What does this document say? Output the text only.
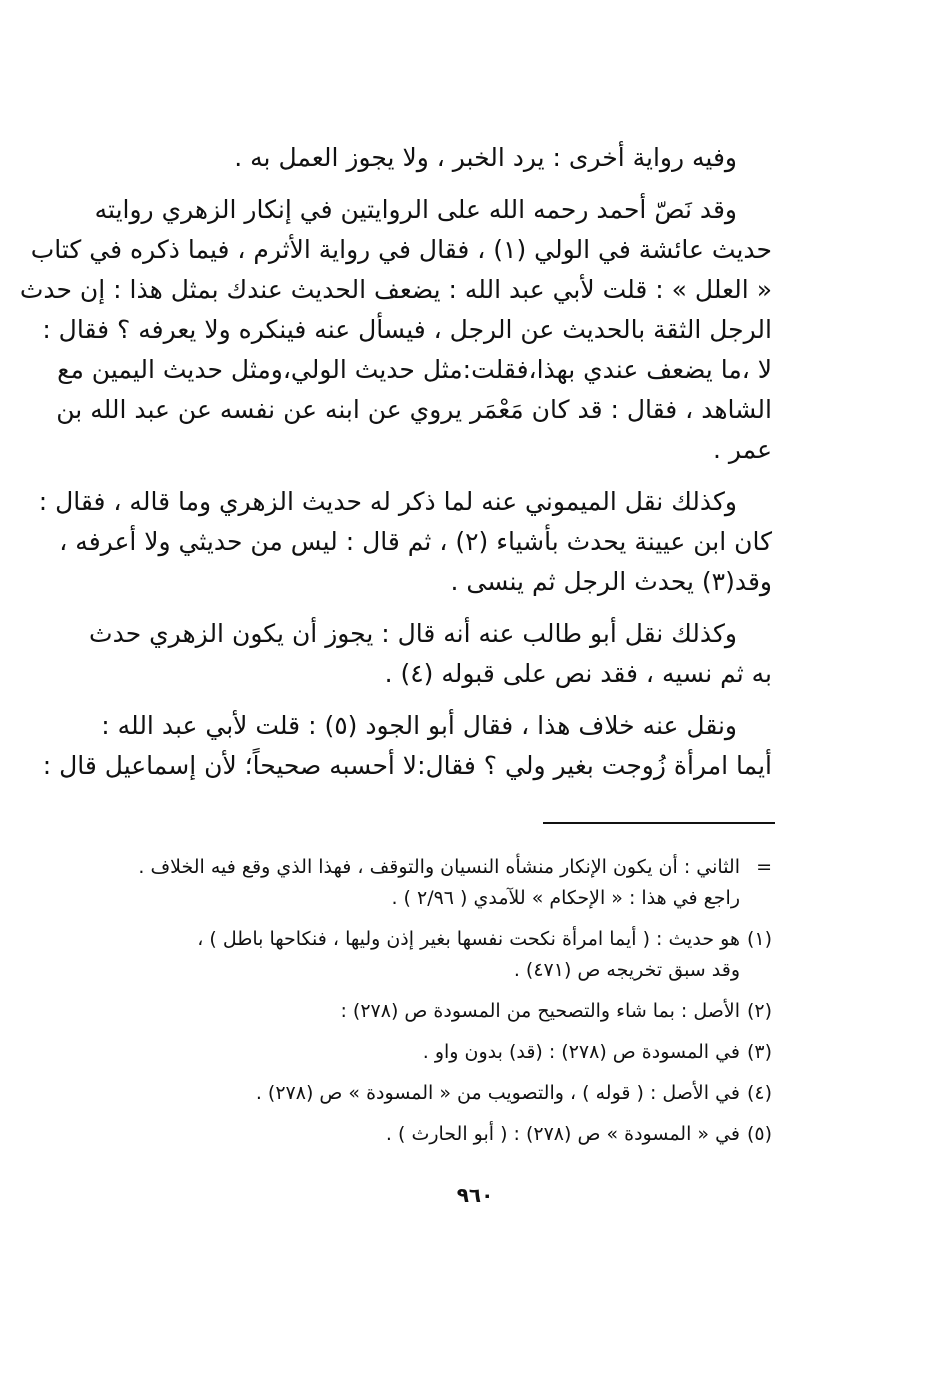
وفيه رواية أخرى : يرد الخبر ، ولا يجوز العمل به .

وقد نَصّ أحمد رحمه الله على الروايتين في إنكار الزهري روايته
حديث عائشة في الولي (١) ، فقال في رواية الأثرم ، فيما ذكره في كتاب
« العلل » : قلت لأبي عبد الله : يضعف الحديث عندك بمثل هذا : إن حدث
الرجل الثقة بالحديث عن الرجل ، فيسأل عنه فينكره ولا يعرفه ؟ فقال :
لا ،ما يضعف عندي بهذا،فقلت:مثل حديث الولي،ومثل حديث اليمين مع
الشاهد ، فقال : قد كان مَعْمَر يروي عن ابنه عن نفسه عن عبد الله بن
عمر .

وكذلك نقل الميموني عنه لما ذكر له حديث الزهري وما قاله ، فقال :
كان ابن عيينة يحدث بأشياء (٢) ، ثم قال : ليس من حديثي ولا أعرفه ،
وقد(٣) يحدث الرجل ثم ينسى .

وكذلك نقل أبو طالب عنه أنه قال : يجوز أن يكون الزهري حدث
به ثم نسيه ، فقد نص على قبوله (٤) .

ونقل عنه خلاف هذا ، فقال أبو الجود (٥) : قلت لأبي عبد الله :
أيما امرأة زُوجت بغير ولي ؟ فقال:لا أحسبه صحيحاً؛ لأن إسماعيل قال :

=
الثاني : أن يكون الإنكار منشأه النسيان والتوقف ، فهذا الذي وقع فيه الخلاف .
راجع في هذا : « الإحكام » للآمدي ( ٢/٩٦ ) .
(١)
هو حديث : ( أيما امرأة نكحت نفسها بغير إذن وليها ، فنكاحها باطل ) ،
وقد سبق تخريجه ص (٤٧١) .
(٢)
الأصل : بما شاء والتصحيح من المسودة ص (٢٧٨) :
(٣)
في المسودة ص (٢٧٨) : (قد) بدون واو .
(٤)
في الأصل : ( قوله ) ، والتصويب من « المسودة » ص (٢٧٨) .
(٥)
في « المسودة » ص (٢٧٨) : ( أبو الحارث ) .
٩٦٠
